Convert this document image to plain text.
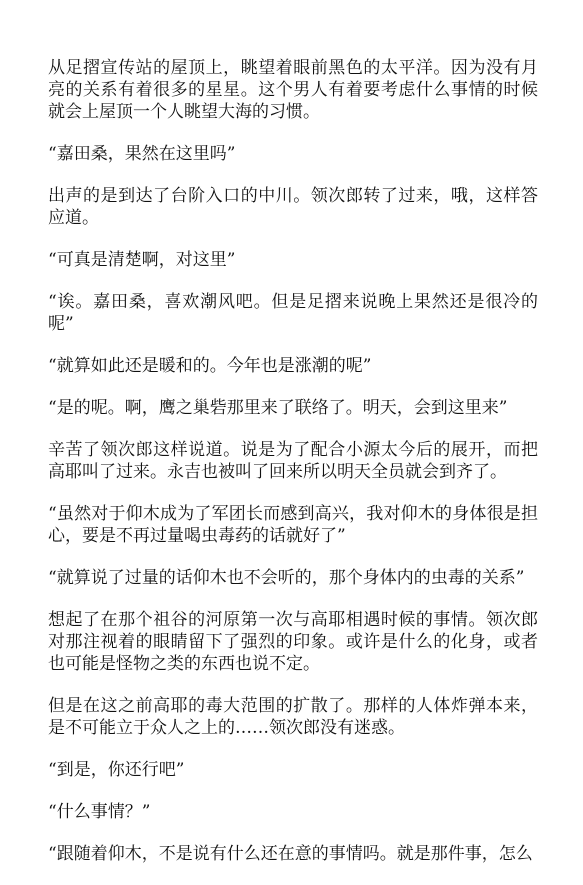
从足摺宣传站的屋顶上，眺望着眼前黑色的太平洋。因为没有月亮的关系有着很多的星星。这个男人有着要考虑什么事情的时候就会上屋顶一个人眺望大海的习惯。

“嘉田桑，果然在这里吗”

出声的是到达了台阶入口的中川。领次郎转了过来，哦，这样答应道。

“可真是清楚啊，对这里”

“诶。嘉田桑，喜欢潮风吧。但是足摺来说晚上果然还是很冷的呢”

“就算如此还是暖和的。今年也是涨潮的呢”

“是的呢。啊，鹰之巢砦那里来了联络了。明天，会到这里来”

辛苦了领次郎这样说道。说是为了配合小源太今后的展开，而把高耶叫了过来。永吉也被叫了回来所以明天全员就会到齐了。

“虽然对于仰木成为了军团长而感到高兴，我对仰木的身体很是担心，要是不再过量喝虫毒药的话就好了”

“就算说了过量的话仰木也不会听的，那个身体内的虫毒的关系”

想起了在那个祖谷的河原第一次与高耶相遇时候的事情。领次郎对那注视着的眼睛留下了强烈的印象。或许是什么的化身，或者也可能是怪物之类的东西也说不定。

但是在这之前高耶的毒大范围的扩散了。那样的人体炸弹本来，是不可能立于众人之上的……领次郎没有迷惑。

“到是，你还行吧”

“什么事情？”

“跟随着仰木，不是说有什么还在意的事情吗。就是那件事，怎么
